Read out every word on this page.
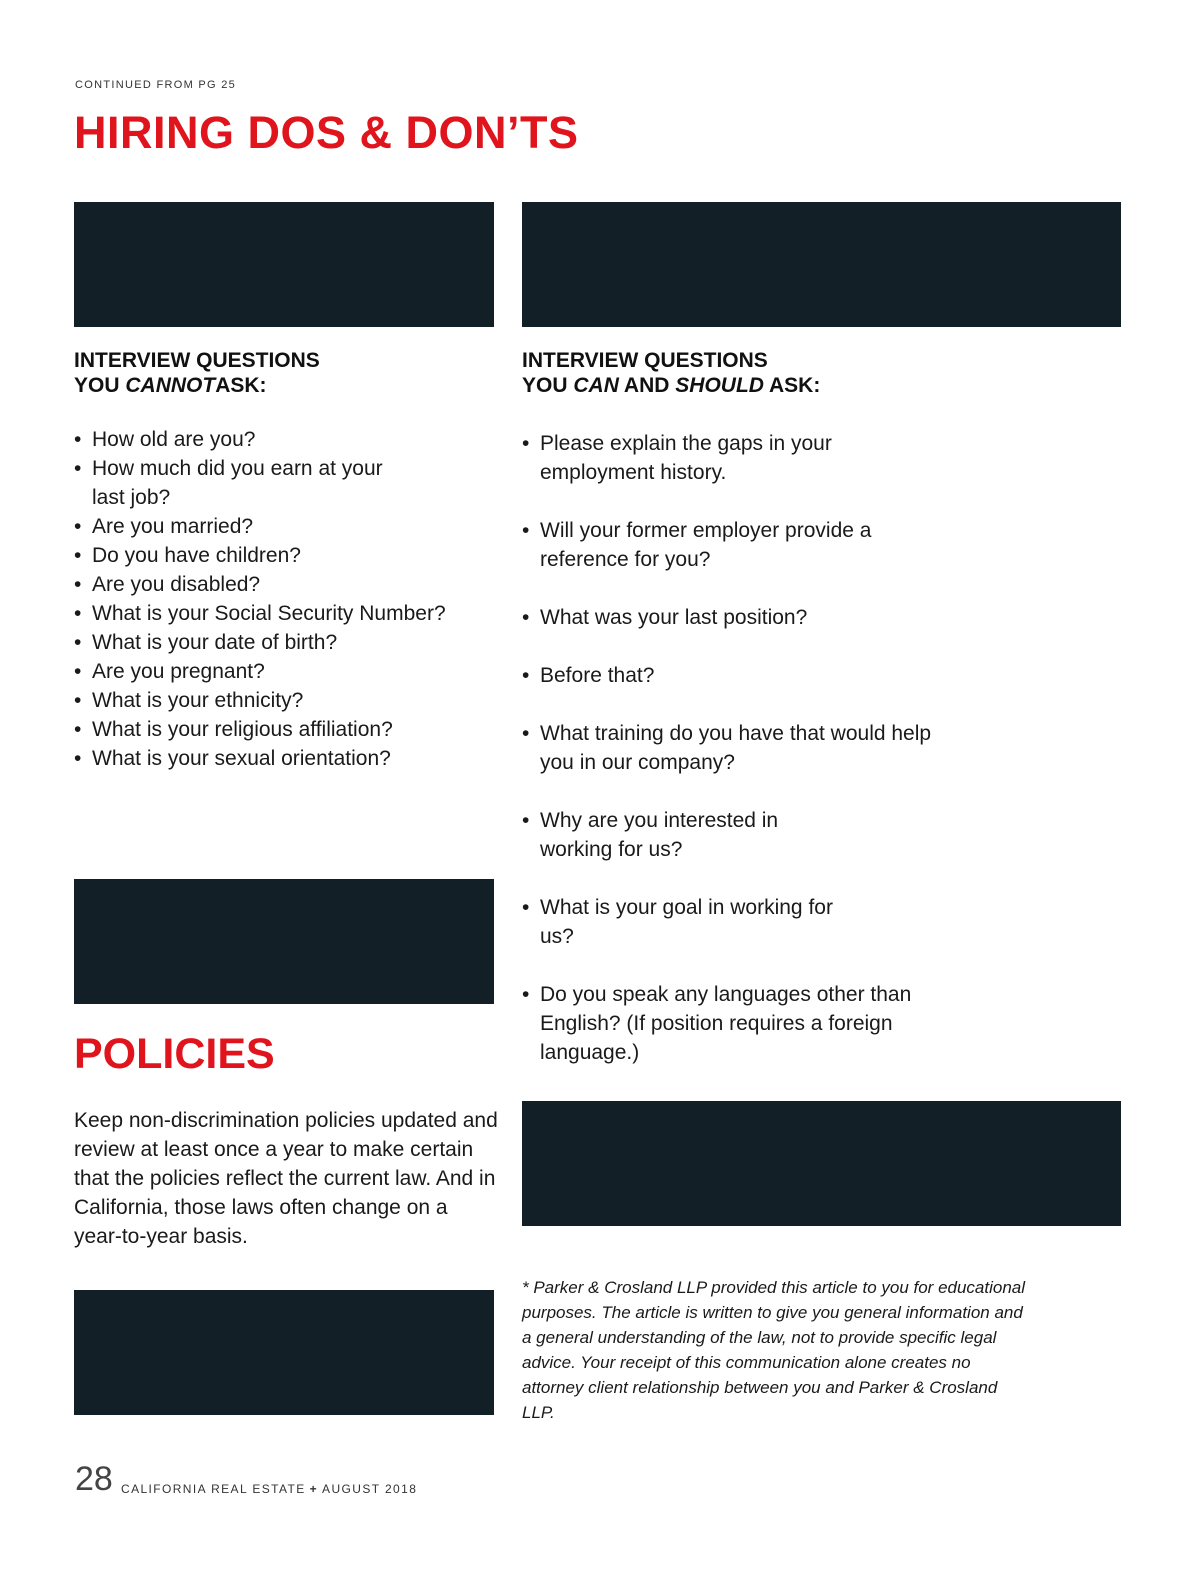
CONTINUED FROM PG 25
HIRING DOS & DON’TS
INTERVIEW QUESTIONS
YOU CANNOTASK:
• How old are you?
• How much did you earn at your last job?
• Are you married?
• Do you have children?
• Are you disabled?
• What is your Social Security Number?
• What is your date of birth?
• Are you pregnant?
• What is your ethnicity?
• What is your religious affiliation?
• What is your sexual orientation?
INTERVIEW QUESTIONS
YOU CAN AND SHOULD ASK:
• Please explain the gaps in your employment history.
• Will your former employer provide a reference for you?
• What was your last position?
• Before that?
• What training do you have that would help you in our company?
• Why are you interested in working for us?
• What is your goal in working for us?
• Do you speak any languages other than English? (If position requires a foreign language.)
POLICIES

Keep non-discrimination policies updated and review at least once a year to make certain that the policies reflect the current law. And in California, those laws often change on a year-to-year basis.

* Parker & Crosland LLP provided this article to you for educational purposes. The article is written to give you general information and a general understanding of the law, not to provide specific legal advice. Your receipt of this communication alone creates no attorney client relationship between you and Parker & Crosland LLP.

28 CALIFORNIA REAL ESTATE + AUGUST 2018
